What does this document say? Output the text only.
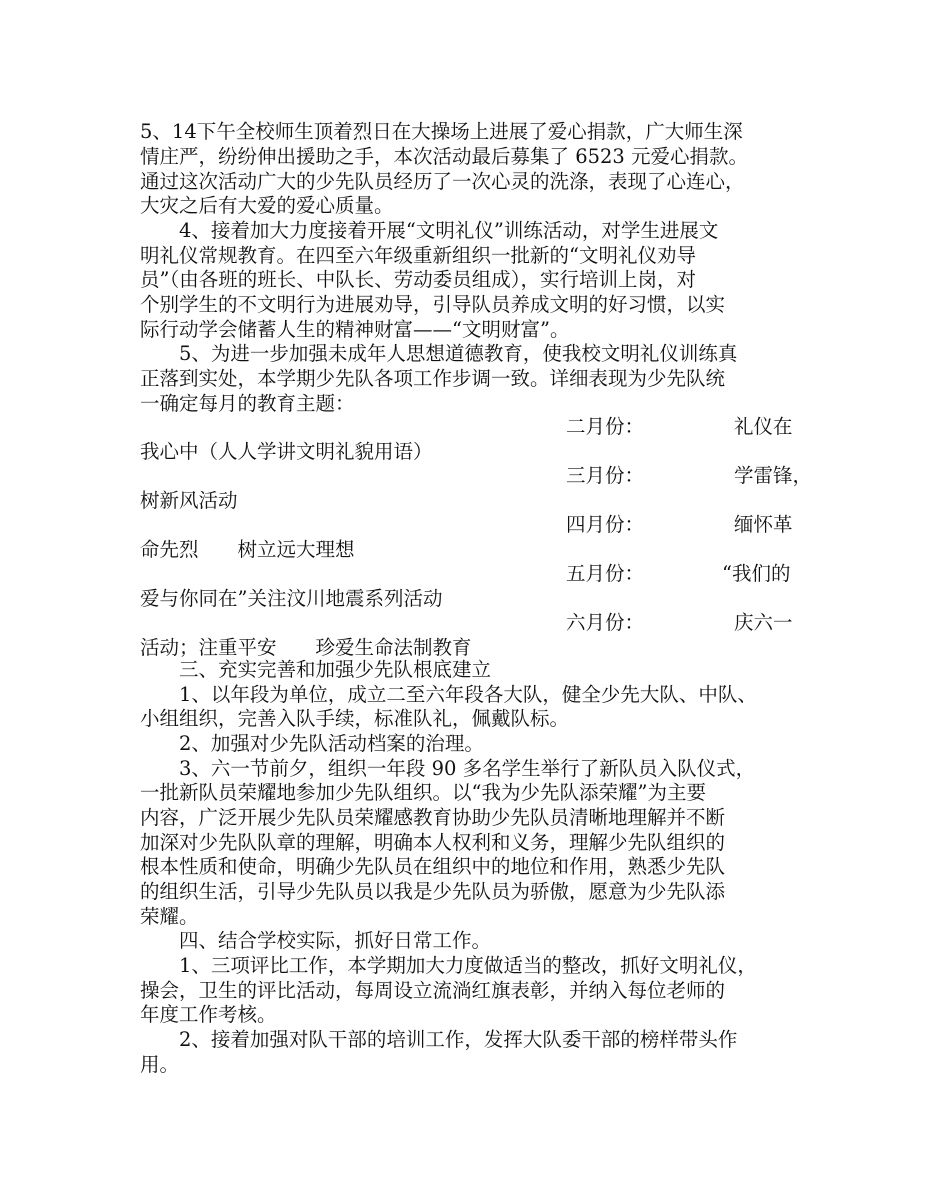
5、14下午全校师生顶着烈日在大操场上进展了爱心捐款，广大师生深
情庄严，纷纷伸出援助之手，本次活动最后募集了 6523 元爱心捐款。
通过这次活动广大的少先队员经历了一次心灵的洗涤，表现了心连心，
大灾之后有大爱的爱心质量。
4、接着加大力度接着开展“文明礼仪”训练活动，对学生进展文
明礼仪常规教育。在四至六年级重新组织一批新的“文明礼仪劝导
员”（由各班的班长、中队长、劳动委员组成），实行培训上岗，对
个别学生的不文明行为进展劝导，引导队员养成文明的好习惯，以实
际行动学会储蓄人生的精神财富——“文明财富”。
5、为进一步加强未成年人思想道德教育，使我校文明礼仪训练真
正落到实处，本学期少先队各项工作步调一致。详细表现为少先队统
一确定每月的教育主题：
二月份：	礼仪在
我心中（人人学讲文明礼貌用语）
三月份：	学雷锋，
树新风活动
四月份：	缅怀革
命先烈　　树立远大理想
五月份：	“我们的
爱与你同在”关注汶川地震系列活动
六月份：	庆六一
活动；注重平安　　珍爱生命法制教育
三、充实完善和加强少先队根底建立
1、以年段为单位，成立二至六年段各大队，健全少先大队、中队、
小组组织，完善入队手续，标准队礼，佩戴队标。
2、加强对少先队活动档案的治理。
3、六一节前夕，组织一年段 90 多名学生举行了新队员入队仪式，
一批新队员荣耀地参加少先队组织。以“我为少先队添荣耀”为主要
内容，广泛开展少先队员荣耀感教育协助少先队员清晰地理解并不断
加深对少先队队章的理解，明确本人权利和义务，理解少先队组织的
根本性质和使命，明确少先队员在组织中的地位和作用，熟悉少先队
的组织生活，引导少先队员以我是少先队员为骄傲，愿意为少先队添
荣耀。
四、结合学校实际，抓好日常工作。
1、三项评比工作，本学期加大力度做适当的整改，抓好文明礼仪，
操会，卫生的评比活动，每周设立流淌红旗表彰，并纳入每位老师的
年度工作考核。
2、接着加强对队干部的培训工作，发挥大队委干部的榜样带头作
用。
